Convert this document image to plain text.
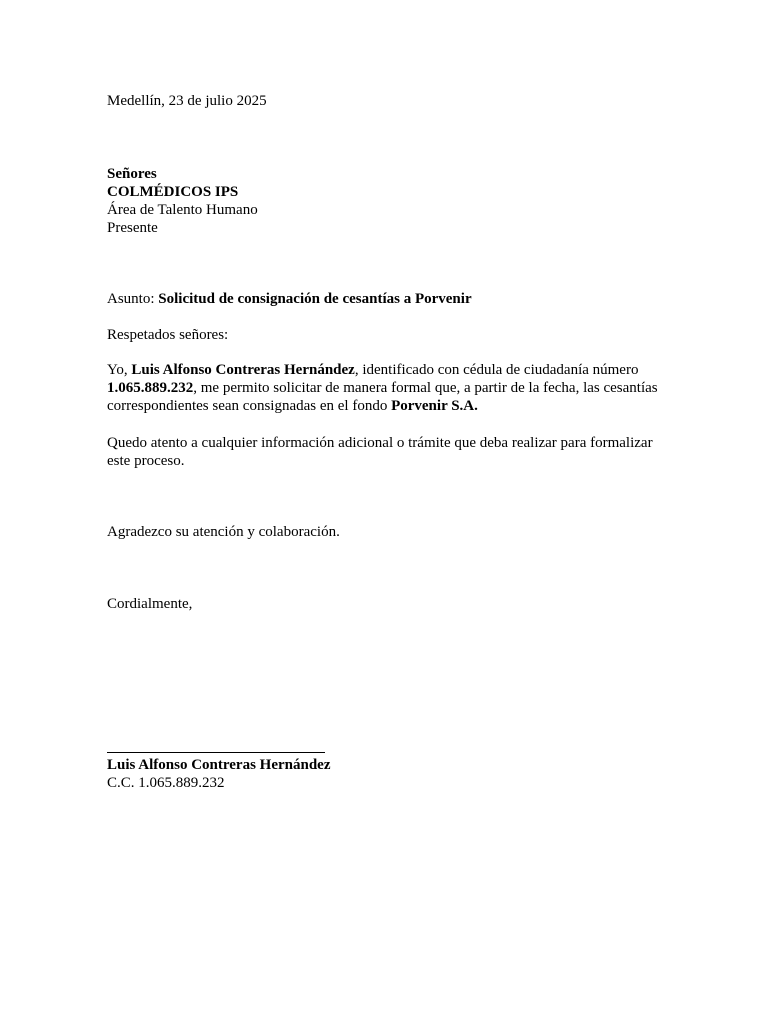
Medellín, 23 de julio 2025

Señores
COLMÉDICOS IPS
Área de Talento Humano
Presente

Asunto: Solicitud de consignación de cesantías a Porvenir

Respetados señores:

Yo, Luis Alfonso Contreras Hernández, identificado con cédula de ciudadanía número
1.065.889.232, me permito solicitar de manera formal que, a partir de la fecha, las cesantías
correspondientes sean consignadas en el fondo Porvenir S.A.

Quedo atento a cualquier información adicional o trámite que deba realizar para formalizar
este proceso.

Agradezco su atención y colaboración.

Cordialmente,

Luis Alfonso Contreras Hernández
C.C. 1.065.889.232
